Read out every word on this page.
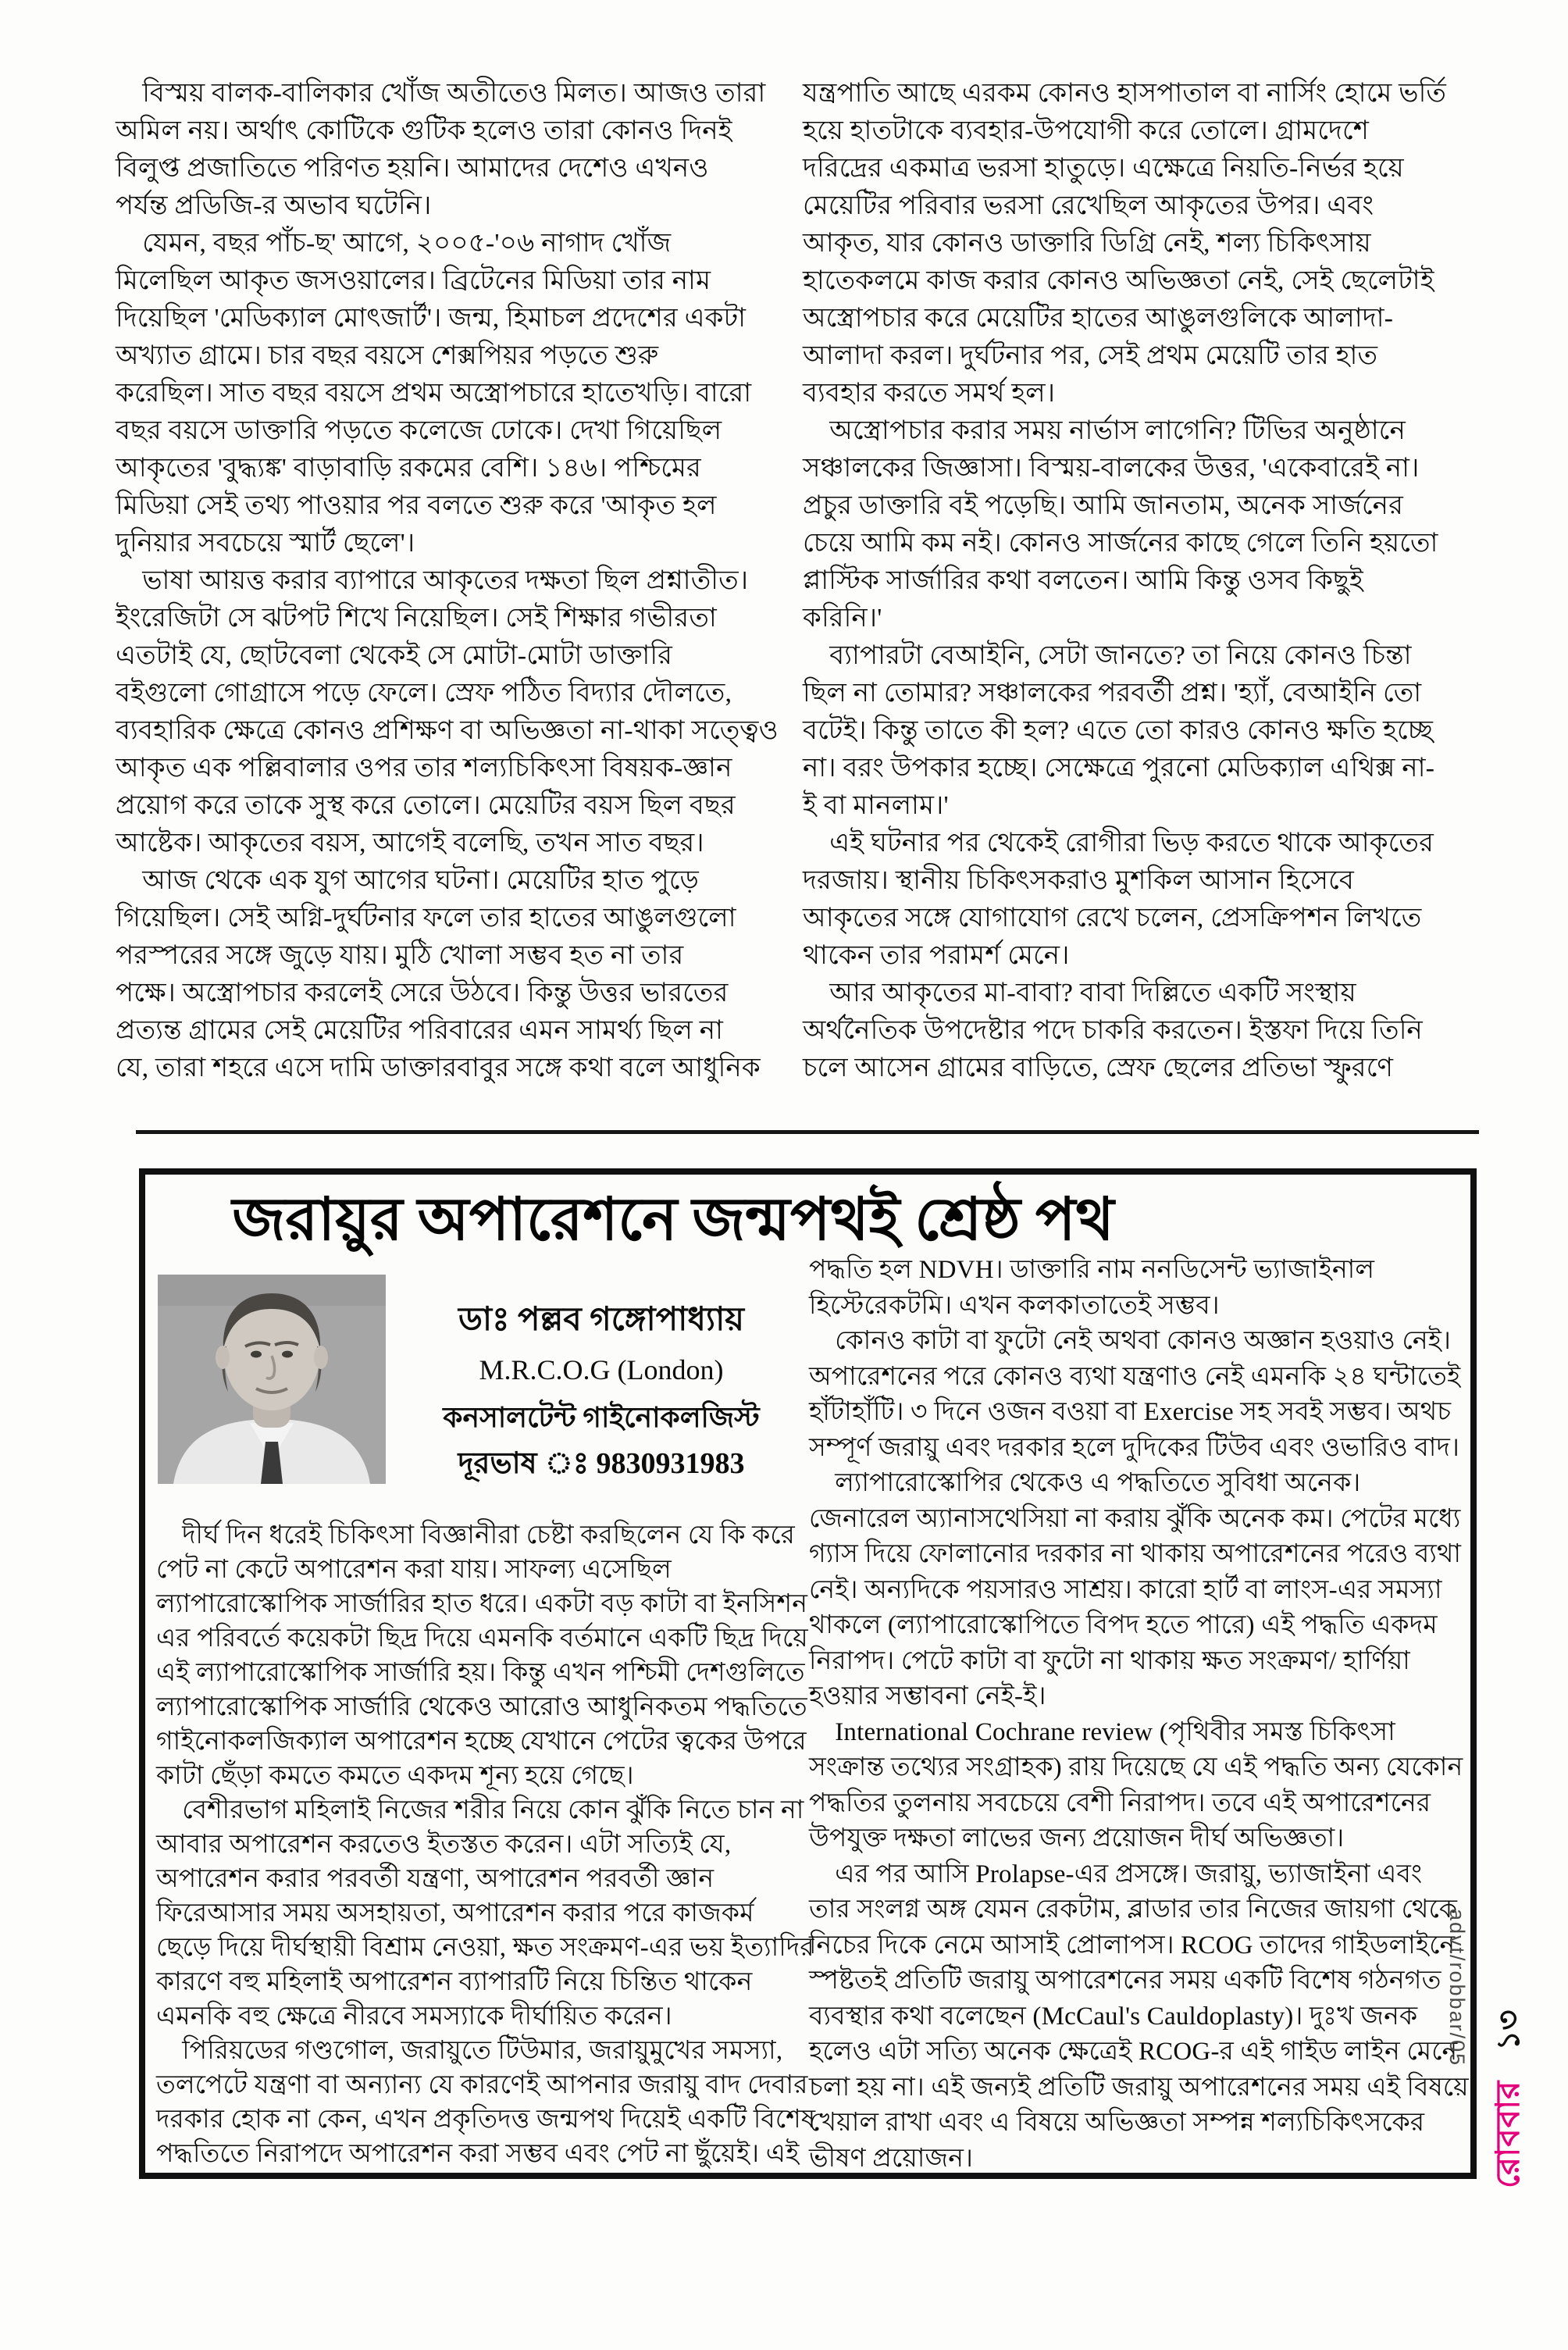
 বিস্ময় বালক-বালিকার খোঁজ অতীতেও মিলত। আজও তারা
অমিল নয়। অর্থাৎ কোটিকে গুটিক হলেও তারা কোনও দিনই
বিলুপ্ত প্রজাতিতে পরিণত হয়নি। আমাদের দেশেও এখনও
পর্যন্ত প্রডিজি-র অভাব ঘটেনি।
 যেমন, বছর পাঁচ-ছ' আগে, ২০০৫-'০৬ নাগাদ খোঁজ
মিলেছিল আকৃত জসওয়ালের। ব্রিটেনের মিডিয়া তার নাম
দিয়েছিল 'মেডিক্যাল মোৎজার্ট'। জন্ম, হিমাচল প্রদেশের একটা
অখ্যাত গ্রামে। চার বছর বয়সে শেক্সপিয়র পড়তে শুরু
করেছিল। সাত বছর বয়সে প্রথম অস্ত্রোপচারে হাতেখড়ি। বারো
বছর বয়সে ডাক্তারি পড়তে কলেজে ঢোকে। দেখা গিয়েছিল
আকৃতের 'বুদ্ধ্যঙ্ক' বাড়াবাড়ি রকমের বেশি। ১৪৬। পশ্চিমের
মিডিয়া সেই তথ্য পাওয়ার পর বলতে শুরু করে 'আকৃত হল
দুনিয়ার সবচেয়ে স্মার্ট ছেলে'।
 ভাষা আয়ত্ত করার ব্যাপারে আকৃতের দক্ষতা ছিল প্রশ্নাতীত।
ইংরেজিটা সে ঝটপট শিখে নিয়েছিল। সেই শিক্ষার গভীরতা
এতটাই যে, ছোটবেলা থেকেই সে মোটা-মোটা ডাক্তারি
বইগুলো গোগ্রাসে পড়ে ফেলে। স্রেফ পঠিত বিদ্যার দৌলতে,
ব্যবহারিক ক্ষেত্রে কোনও প্রশিক্ষণ বা অভিজ্ঞতা না-থাকা সত্ত্বেও
আকৃত এক পল্লিবালার ওপর তার শল্যচিকিৎসা বিষয়ক-জ্ঞান
প্রয়োগ করে তাকে সুস্থ করে তোলে। মেয়েটির বয়স ছিল বছর
আষ্টেক। আকৃতের বয়স, আগেই বলেছি, তখন সাত বছর।
 আজ থেকে এক যুগ আগের ঘটনা। মেয়েটির হাত পুড়ে
গিয়েছিল। সেই অগ্নি-দুর্ঘটনার ফলে তার হাতের আঙুলগুলো
পরস্পরের সঙ্গে জুড়ে যায়। মুঠি খোলা সম্ভব হত না তার
পক্ষে। অস্ত্রোপচার করলেই সেরে উঠবে। কিন্তু উত্তর ভারতের
প্রত্যন্ত গ্রামের সেই মেয়েটির পরিবারের এমন সামর্থ্য ছিল না
যে, তারা শহরে এসে দামি ডাক্তারবাবুর সঙ্গে কথা বলে আধুনিক
যন্ত্রপাতি আছে এরকম কোনও হাসপাতাল বা নার্সিং হোমে ভর্তি
হয়ে হাতটাকে ব্যবহার-উপযোগী করে তোলে। গ্রামদেশে
দরিদ্রের একমাত্র ভরসা হাতুড়ে। এক্ষেত্রে নিয়তি-নির্ভর হয়ে
মেয়েটির পরিবার ভরসা রেখেছিল আকৃতের উপর। এবং
আকৃত, যার কোনও ডাক্তারি ডিগ্রি নেই, শল্য চিকিৎসায়
হাতেকলমে কাজ করার কোনও অভিজ্ঞতা নেই, সেই ছেলেটাই
অস্ত্রোপচার করে মেয়েটির হাতের আঙুলগুলিকে আলাদা-
আলাদা করল। দুর্ঘটনার পর, সেই প্রথম মেয়েটি তার হাত
ব্যবহার করতে সমর্থ হল।
 অস্ত্রোপচার করার সময় নার্ভাস লাগেনি? টিভির অনুষ্ঠানে
সঞ্চালকের জিজ্ঞাসা। বিস্ময়-বালকের উত্তর, 'একেবারেই না।
প্রচুর ডাক্তারি বই পড়েছি। আমি জানতাম, অনেক সার্জনের
চেয়ে আমি কম নই। কোনও সার্জনের কাছে গেলে তিনি হয়তো
প্লাস্টিক সার্জারির কথা বলতেন। আমি কিন্তু ওসব কিছুই
করিনি।'
 ব্যাপারটা বেআইনি, সেটা জানতে? তা নিয়ে কোনও চিন্তা
ছিল না তোমার? সঞ্চালকের পরবর্তী প্রশ্ন। 'হ্যাঁ, বেআইনি তো
বটেই। কিন্তু তাতে কী হল? এতে তো কারও কোনও ক্ষতি হচ্ছে
না। বরং উপকার হচ্ছে। সেক্ষেত্রে পুরনো মেডিক্যাল এথিক্স না-
ই বা মানলাম।'
 এই ঘটনার পর থেকেই রোগীরা ভিড় করতে থাকে আকৃতের
দরজায়। স্থানীয় চিকিৎসকরাও মুশকিল আসান হিসেবে
আকৃতের সঙ্গে যোগাযোগ রেখে চলেন, প্রেসক্রিপশন লিখতে
থাকেন তার পরামর্শ মেনে।
 আর আকৃতের মা-বাবা? বাবা দিল্লিতে একটি সংস্থায়
অর্থনৈতিক উপদেষ্টার পদে চাকরি করতেন। ইস্তফা দিয়ে তিনি
চলে আসেন গ্রামের বাড়িতে, স্রেফ ছেলের প্রতিভা স্ফুরণে
জরায়ুর অপারেশনে জন্মপথই শ্রেষ্ঠ পথ
ডাঃ পল্লব গঙ্গোপাধ্যায়
M.R.C.O.G (London)
কনসালটেন্ট গাইনোকলজিস্ট
দূরভাষ ঃ 9830931983
 দীর্ঘ দিন ধরেই চিকিৎসা বিজ্ঞানীরা চেষ্টা করছিলেন যে কি করে
পেট না কেটে অপারেশন করা যায়। সাফল্য এসেছিল
ল্যাপারোস্কোপিক সার্জারির হাত ধরে। একটা বড় কাটা বা ইনসিশন
এর পরিবর্তে কয়েকটা ছিদ্র দিয়ে এমনকি বর্তমানে একটি ছিদ্র দিয়ে
এই ল্যাপারোস্কোপিক সার্জারি হয়। কিন্তু এখন পশ্চিমী দেশগুলিতে
ল্যাপারোস্কোপিক সার্জারি থেকেও আরোও আধুনিকতম পদ্ধতিতে
গাইনোকলজিক্যাল অপারেশন হচ্ছে যেখানে পেটের ত্বকের উপরে
কাটা ছেঁড়া কমতে কমতে একদম শূন্য হয়ে গেছে।
 বেশীরভাগ মহিলাই নিজের শরীর নিয়ে কোন ঝুঁকি নিতে চান না
আবার অপারেশন করতেও ইতস্তত করেন। এটা সত্যিই যে,
অপারেশন করার পরবর্তী যন্ত্রণা, অপারেশন পরবর্তী জ্ঞান
ফিরেআসার সময় অসহায়তা, অপারেশন করার পরে কাজকর্ম
ছেড়ে দিয়ে দীর্ঘস্থায়ী বিশ্রাম নেওয়া, ক্ষত সংক্রমণ-এর ভয় ইত্যাদির
কারণে বহু মহিলাই অপারেশন ব্যাপারটি নিয়ে চিন্তিত থাকেন
এমনকি বহু ক্ষেত্রে নীরবে সমস্যাকে দীর্ঘায়িত করেন।
 পিরিয়ডের গণ্ডগোল, জরায়ুতে টিউমার, জরায়ুমুখের সমস্যা,
তলপেটে যন্ত্রণা বা অন্যান্য যে কারণেই আপনার জরায়ু বাদ দেবার
দরকার হোক না কেন, এখন প্রকৃতিদত্ত জন্মপথ দিয়েই একটি বিশেষ
পদ্ধতিতে নিরাপদে অপারেশন করা সম্ভব এবং পেট না ছুঁয়েই। এই
পদ্ধতি হল NDVH। ডাক্তারি নাম ননডিসেন্ট ভ্যাজাইনাল
হিস্টেরেকটমি। এখন কলকাতাতেই সম্ভব।
 কোনও কাটা বা ফুটো নেই অথবা কোনও অজ্ঞান হওয়াও নেই।
অপারেশনের পরে কোনও ব্যথা যন্ত্রণাও নেই এমনকি ২৪ ঘন্টাতেই
হাঁটাহাঁটি। ৩ দিনে ওজন বওয়া বা Exercise সহ সবই সম্ভব। অথচ
সম্পূর্ণ জরায়ু এবং দরকার হলে দুদিকের টিউব এবং ওভারিও বাদ।
 ল্যাপারোস্কোপির থেকেও এ পদ্ধতিতে সুবিধা অনেক।
জেনারেল অ্যানাসথেসিয়া না করায় ঝুঁকি অনেক কম। পেটের মধ্যে
গ্যাস দিয়ে ফোলানোর দরকার না থাকায় অপারেশনের পরেও ব্যথা
নেই। অন্যদিকে পয়সারও সাশ্রয়। কারো হার্ট বা লাংস-এর সমস্যা
থাকলে (ল্যাপারোস্কোপিতে বিপদ হতে পারে) এই পদ্ধতি একদম
নিরাপদ। পেটে কাটা বা ফুটো না থাকায় ক্ষত সংক্রমণ/ হার্ণিয়া
হওয়ার সম্ভাবনা নেই-ই।
 International Cochrane review (পৃথিবীর সমস্ত চিকিৎসা
সংক্রান্ত তথ্যের সংগ্রাহক) রায় দিয়েছে যে এই পদ্ধতি অন্য যেকোন
পদ্ধতির তুলনায় সবচেয়ে বেশী নিরাপদ। তবে এই অপারেশনের
উপযুক্ত দক্ষতা লাভের জন্য প্রয়োজন দীর্ঘ অভিজ্ঞতা।
 এর পর আসি Prolapse-এর প্রসঙ্গে। জরায়ু, ভ্যাজাইনা এবং
তার সংলগ্ন অঙ্গ যেমন রেকটাম, ব্লাডার তার নিজের জায়গা থেকে
নিচের দিকে নেমে আসাই প্রোলাপস। RCOG তাদের গাইডলাইনে
স্পষ্টতই প্রতিটি জরায়ু অপারেশনের সময় একটি বিশেষ গঠনগত
ব্যবস্থার কথা বলেছেন (McCaul's Cauldoplasty)। দুঃখ জনক
হলেও এটা সত্যি অনেক ক্ষেত্রেই RCOG-র এই গাইড লাইন মেনে
চলা হয় না। এই জন্যই প্রতিটি জরায়ু অপারেশনের সময় এই বিষয়ে
খেয়াল রাখা এবং এ বিষয়ে অভিজ্ঞতা সম্পন্ন শল্যচিকিৎসকের
ভীষণ প্রয়োজন।
advt/robbar/05
রোববার ১৩
